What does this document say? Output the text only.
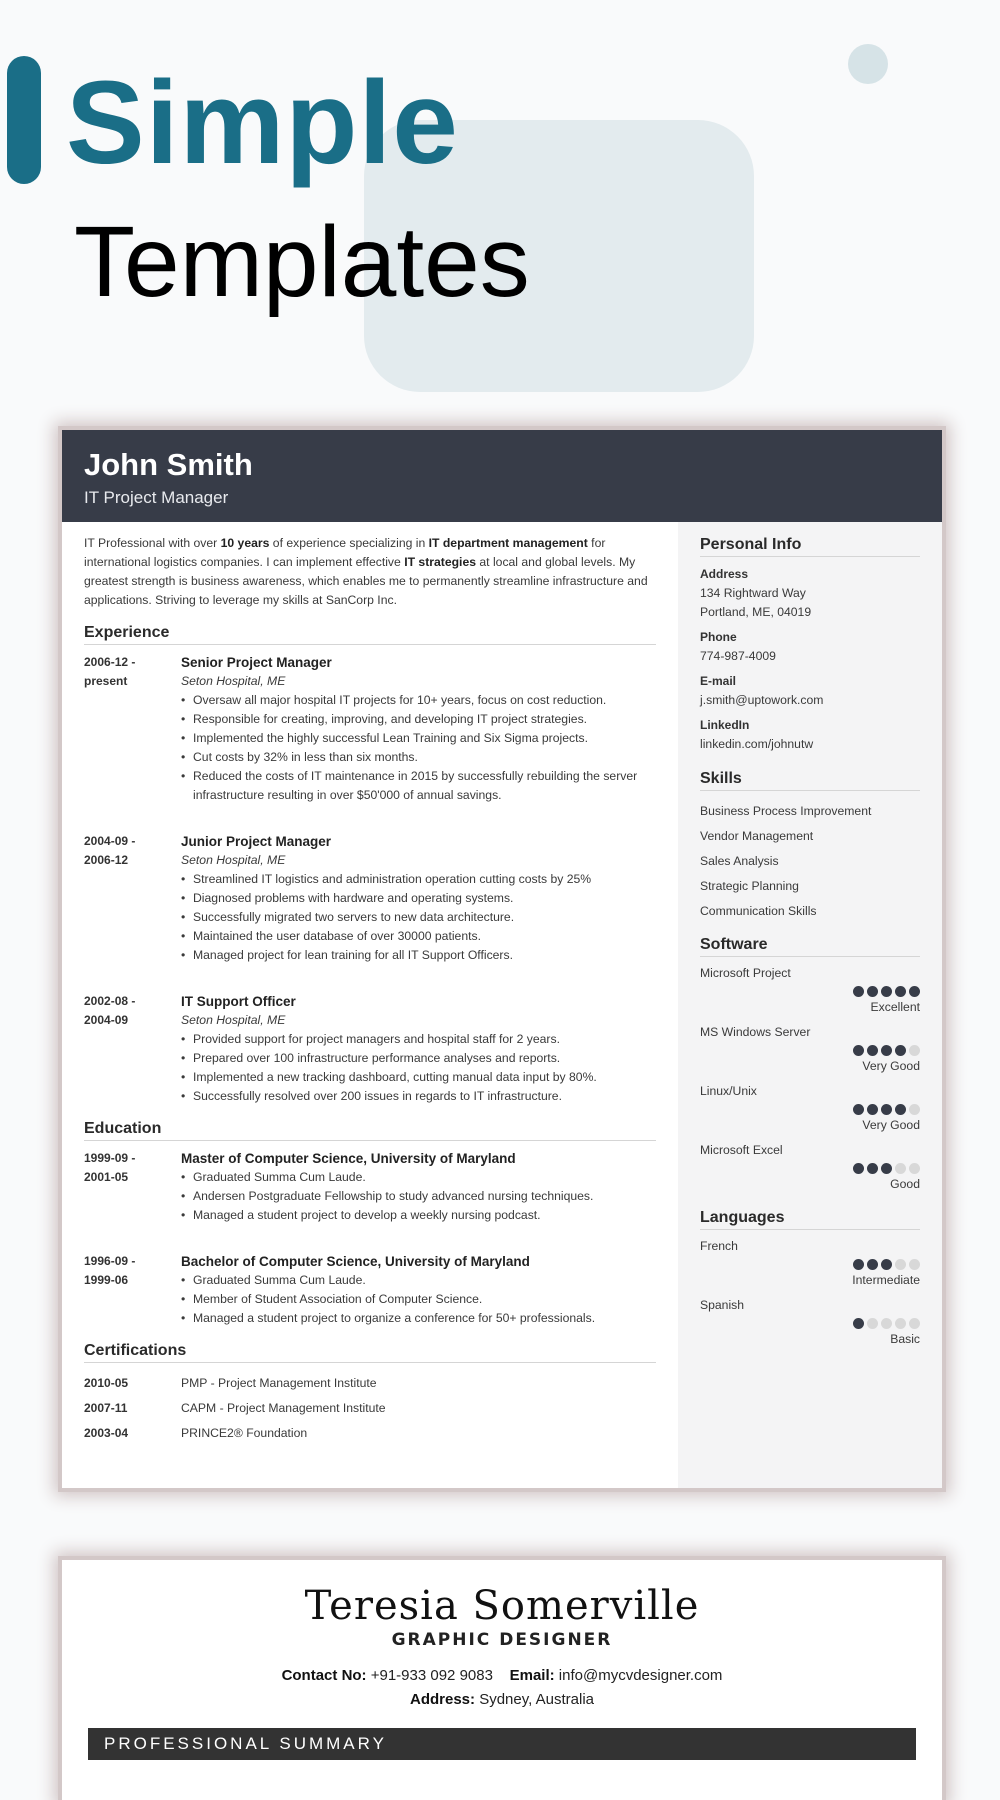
Simple
Templates
John Smith
IT Project Manager

IT Professional with over 10 years of experience specializing in IT department management for international logistics companies. I can implement effective IT strategies at local and global levels. My greatest strength is business awareness, which enables me to permanently streamline infrastructure and applications. Striving to leverage my skills at SanCorp Inc.

Experience
2006-12 -
present
Senior Project Manager
Seton Hospital, ME
• Oversaw all major hospital IT projects for 10+ years, focus on cost reduction.
• Responsible for creating, improving, and developing IT project strategies.
• Implemented the highly successful Lean Training and Six Sigma projects.
• Cut costs by 32% in less than six months.
• Reduced the costs of IT maintenance in 2015 by successfully rebuilding the server infrastructure resulting in over $50'000 of annual savings.
2004-09 -
2006-12
Junior Project Manager
Seton Hospital, ME
• Streamlined IT logistics and administration operation cutting costs by 25%
• Diagnosed problems with hardware and operating systems.
• Successfully migrated two servers to new data architecture.
• Maintained the user database of over 30000 patients.
• Managed project for lean training for all IT Support Officers.
2002-08 -
2004-09
IT Support Officer
Seton Hospital, ME
• Provided support for project managers and hospital staff for 2 years.
• Prepared over 100 infrastructure performance analyses and reports.
• Implemented a new tracking dashboard, cutting manual data input by 80%.
• Successfully resolved over 200 issues in regards to IT infrastructure.
Education
1999-09 -
2001-05
Master of Computer Science, University of Maryland
• Graduated Summa Cum Laude.
• Andersen Postgraduate Fellowship to study advanced nursing techniques.
• Managed a student project to develop a weekly nursing podcast.
1996-09 -
1999-06
Bachelor of Computer Science, University of Maryland
• Graduated Summa Cum Laude.
• Member of Student Association of Computer Science.
• Managed a student project to organize a conference for 50+ professionals.
Certifications
2010-05	PMP - Project Management Institute
2007-11	CAPM - Project Management Institute
2003-04	PRINCE2® Foundation
Personal Info
Address
134 Rightward Way
Portland, ME, 04019
Phone
774-987-4009
E-mail
j.smith@uptowork.com
LinkedIn
linkedin.com/johnutw
Skills
Business Process Improvement
Vendor Management
Sales Analysis
Strategic Planning
Communication Skills
Software
Microsoft Project
Excellent
MS Windows Server
Very Good
Linux/Unix
Very Good
Microsoft Excel
Good
Languages
French
Intermediate
Spanish
Basic
Teresia Somerville
GRAPHIC DESIGNER
Contact No: +91-933 092 9083 Email: info@mycvdesigner.com
Address: Sydney, Australia
PROFESSIONAL SUMMARY
